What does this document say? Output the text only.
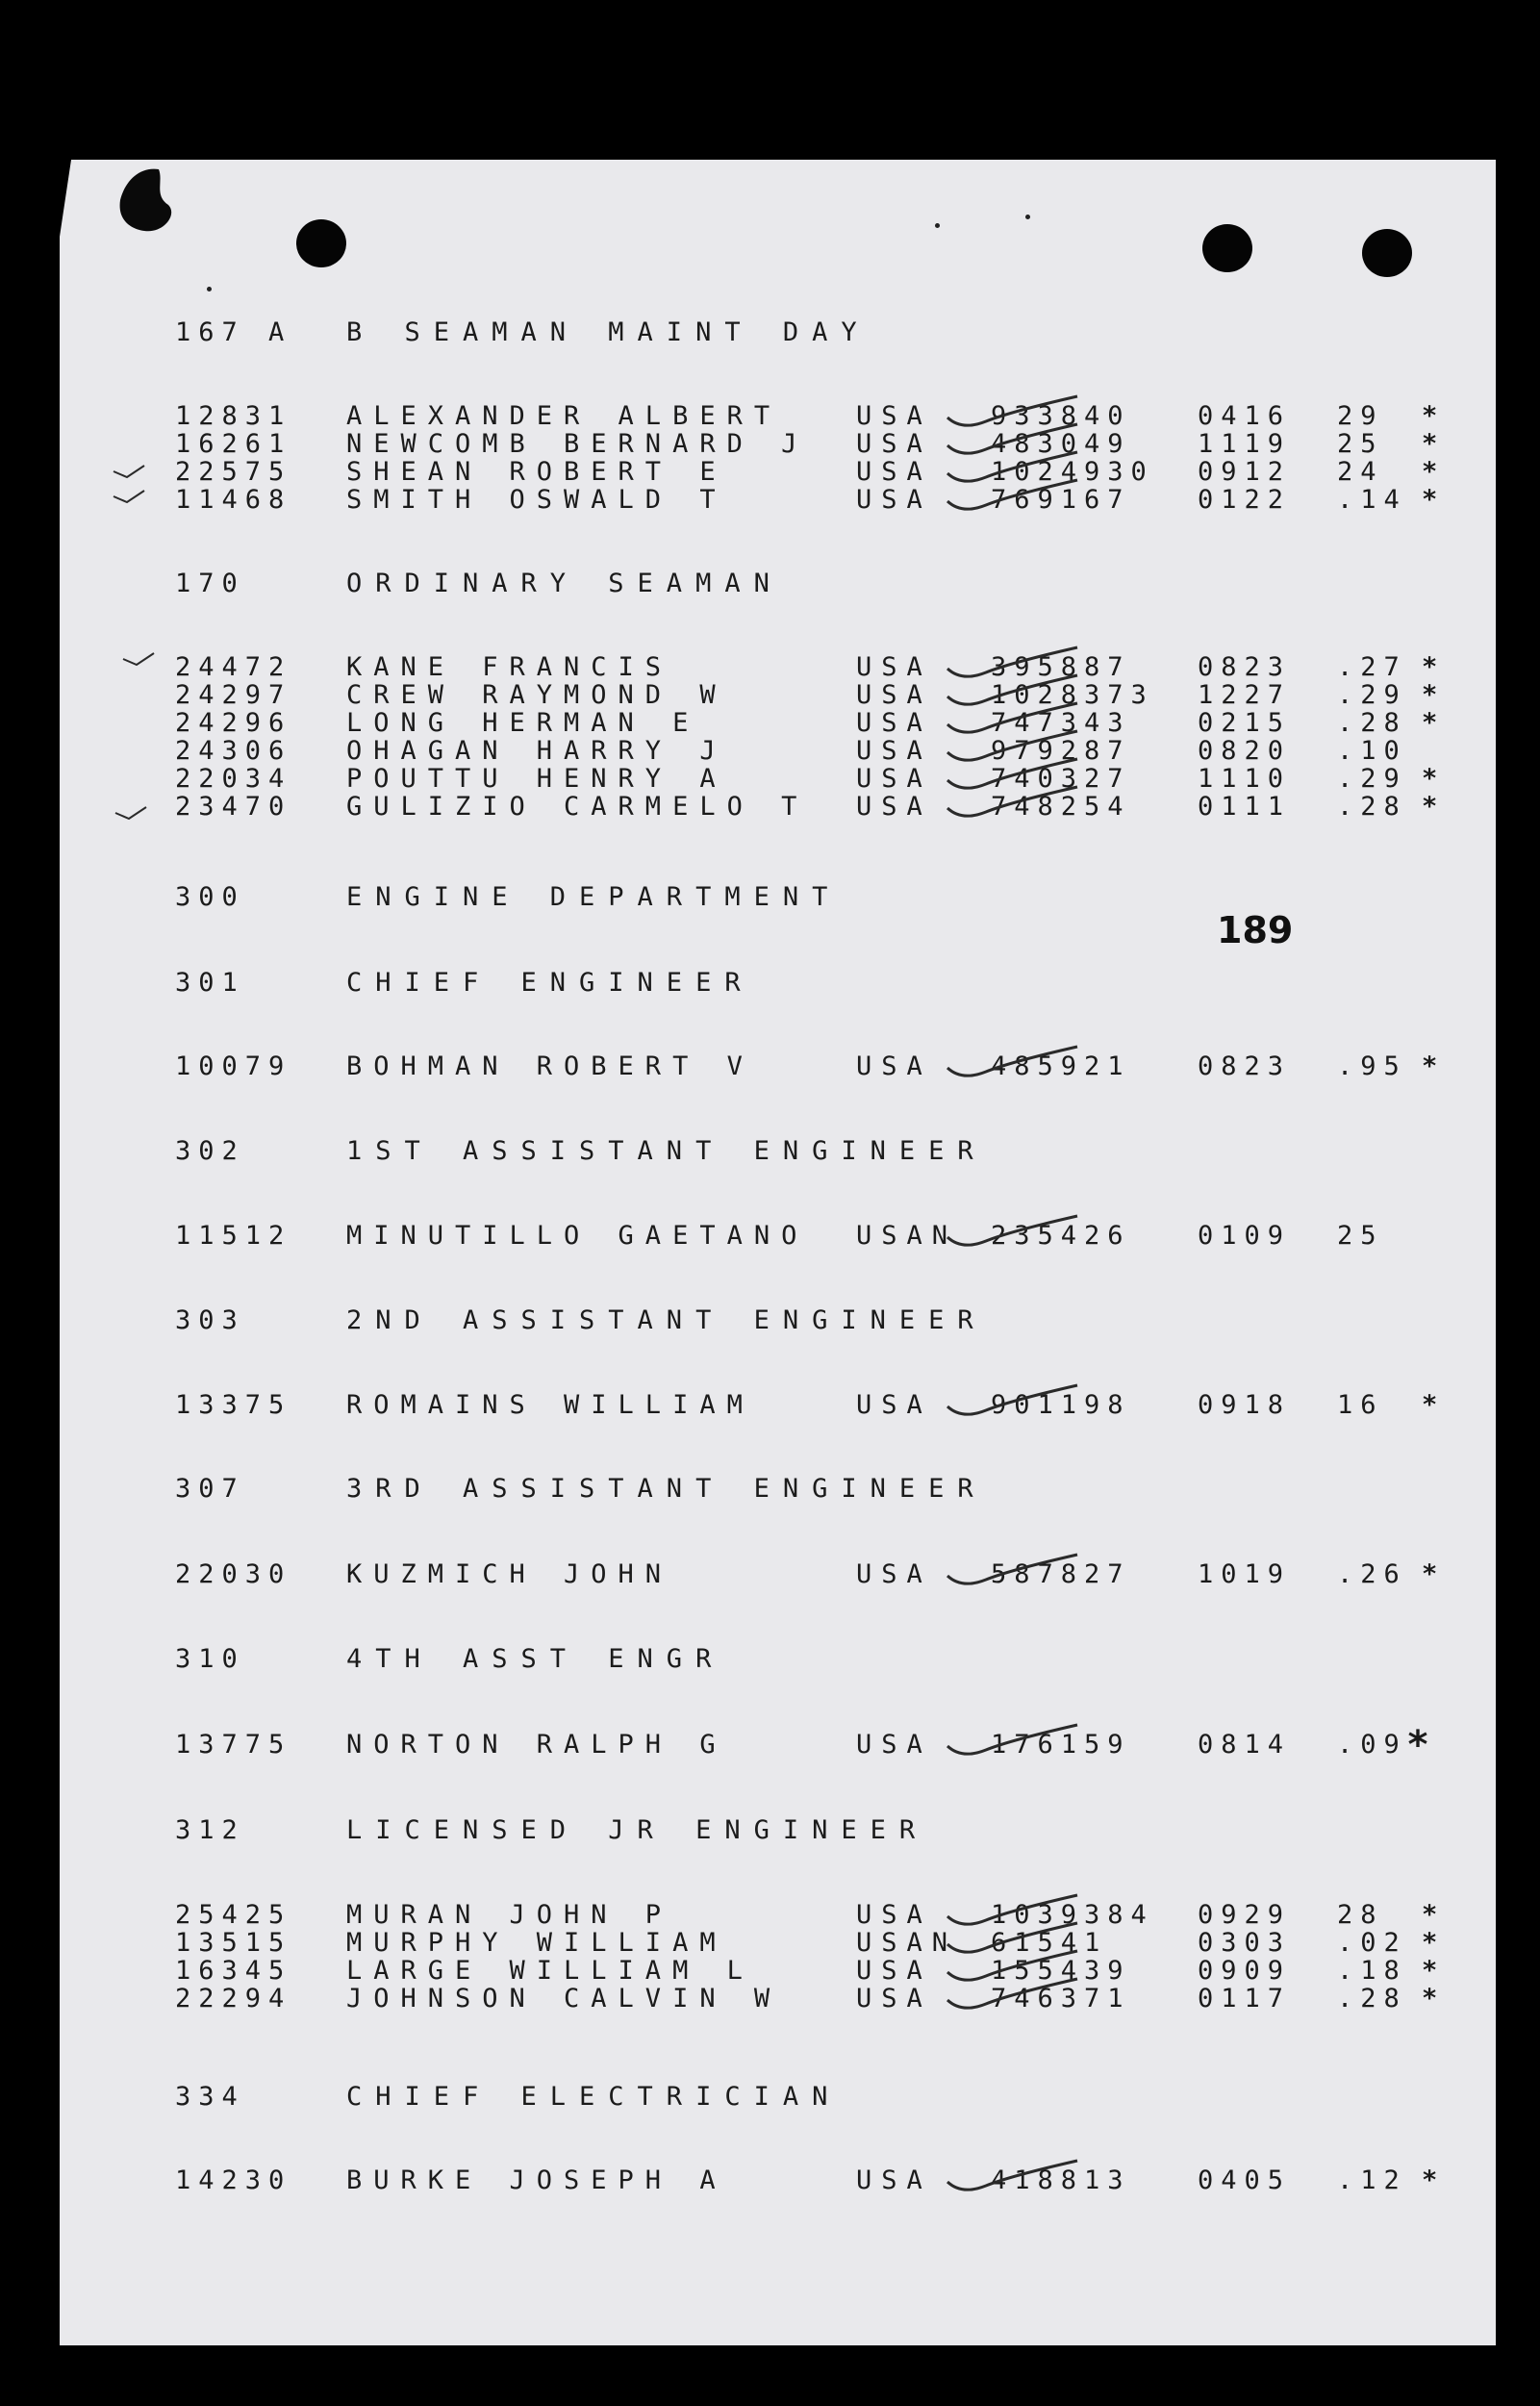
189
167 A B SEAMAN MAINT DAY
12831 ALEXANDER ALBERT	USA 933840	0416 29 *
16261 NEWCOMB BERNARD J USA 483049	1119 25 *
22575 SHEAN ROBERT E	USA 1024930 0912 24 *
11468 SMITH OSWALD T	USA 769167	0122 .14 *
170	ORDINARY SEAMAN
24472 KANE FRANCIS	USA 395887	0823 .27 *
24297 CREW RAYMOND W	USA 1028373 1227 .29 *
24296 LONG HERMAN E	USA 747343	0215 .28 *
24306 OHAGAN HARRY J	USA 979287	0820 .10
22034 POUTTU HENRY A	USA 740327	1110 .29 *
23470 GULIZIO CARMELO T USA 748254	0111 .28 *
300	ENGINE DEPARTMENT
301	CHIEF ENGINEER
10079 BOHMAN ROBERT V	USA 485921	0823 .95 *
302	1ST ASSISTANT ENGINEER
11512 MINUTILLO GAETANO USAN 235426	0109 25
303	2ND ASSISTANT ENGINEER
13375 ROMAINS WILLIAM	USA 901198	0918 16 *
307	3RD ASSISTANT ENGINEER
22030 KUZMICH JOHN	USA 587827	1019 .26 *
310	4TH ASST ENGR
13775 NORTON RALPH G	USA 176159	0814 .09 *
312	LICENSED JR ENGINEER
25425 MURAN JOHN P	USA 1039384 0929 28 *
13515 MURPHY WILLIAM	USAN 61541	0303 .02 *
16345 LARGE WILLIAM L	USA 155439	0909 .18 *
22294 JOHNSON CALVIN W	USA 746371	0117 .28 *
334	CHIEF ELECTRICIAN
14230 BURKE JOSEPH A	USA 418813	0405 .12 *
